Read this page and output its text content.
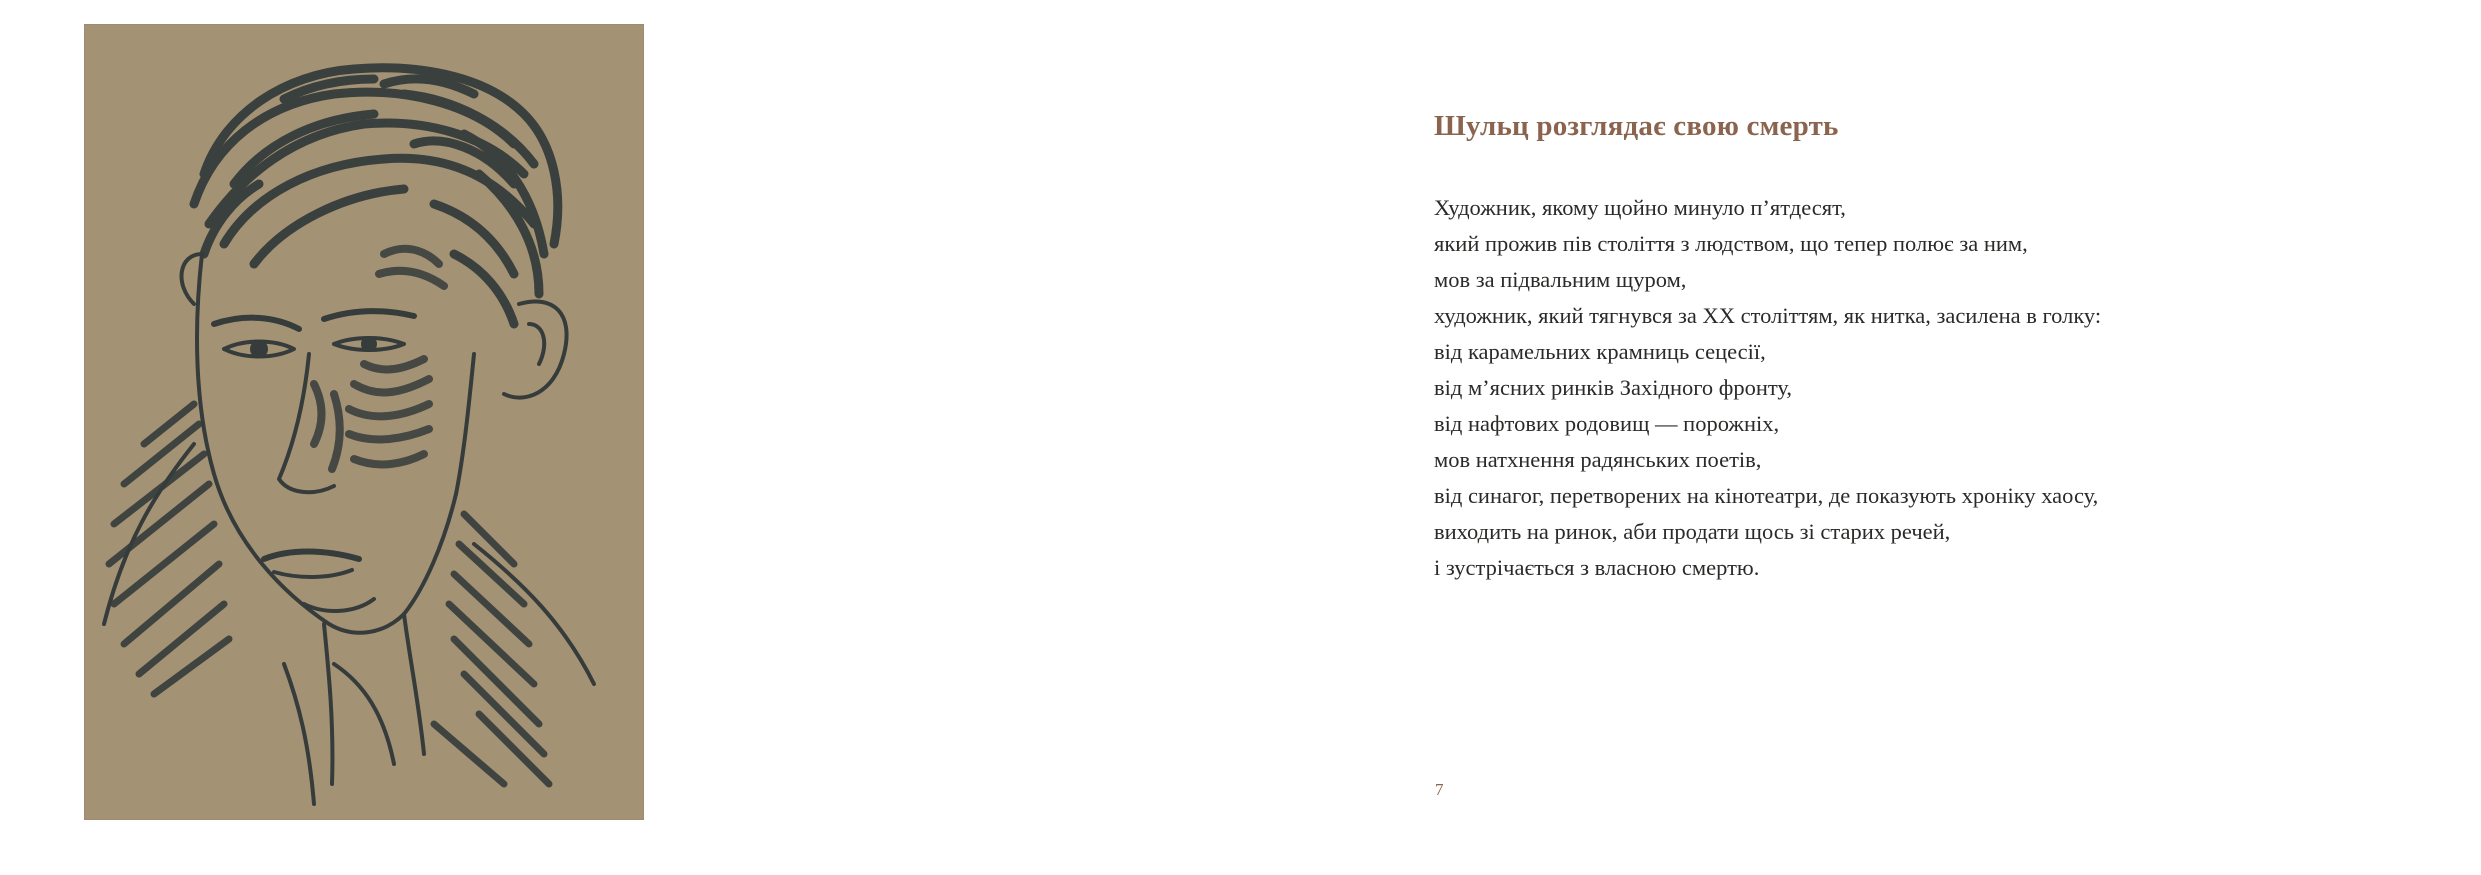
Шульц розглядає свою смерть
Художник, якому щойно минуло п’ятдесят,
який прожив пів століття з людством, що тепер полює за ним,
мов за підвальним щуром,
художник, який тягнувся за ХХ століттям, як нитка, засилена в голку:
від карамельних крамниць сецесії,
від м’ясних ринків Західного фронту,
від нафтових родовищ — порожніх,
мов натхнення радянських поетів,
від синагог, перетворених на кінотеатри, де показують хроніку хаосу,
виходить на ринок, аби продати щось зі старих речей,
і зустрічається з власною смертю.
7
